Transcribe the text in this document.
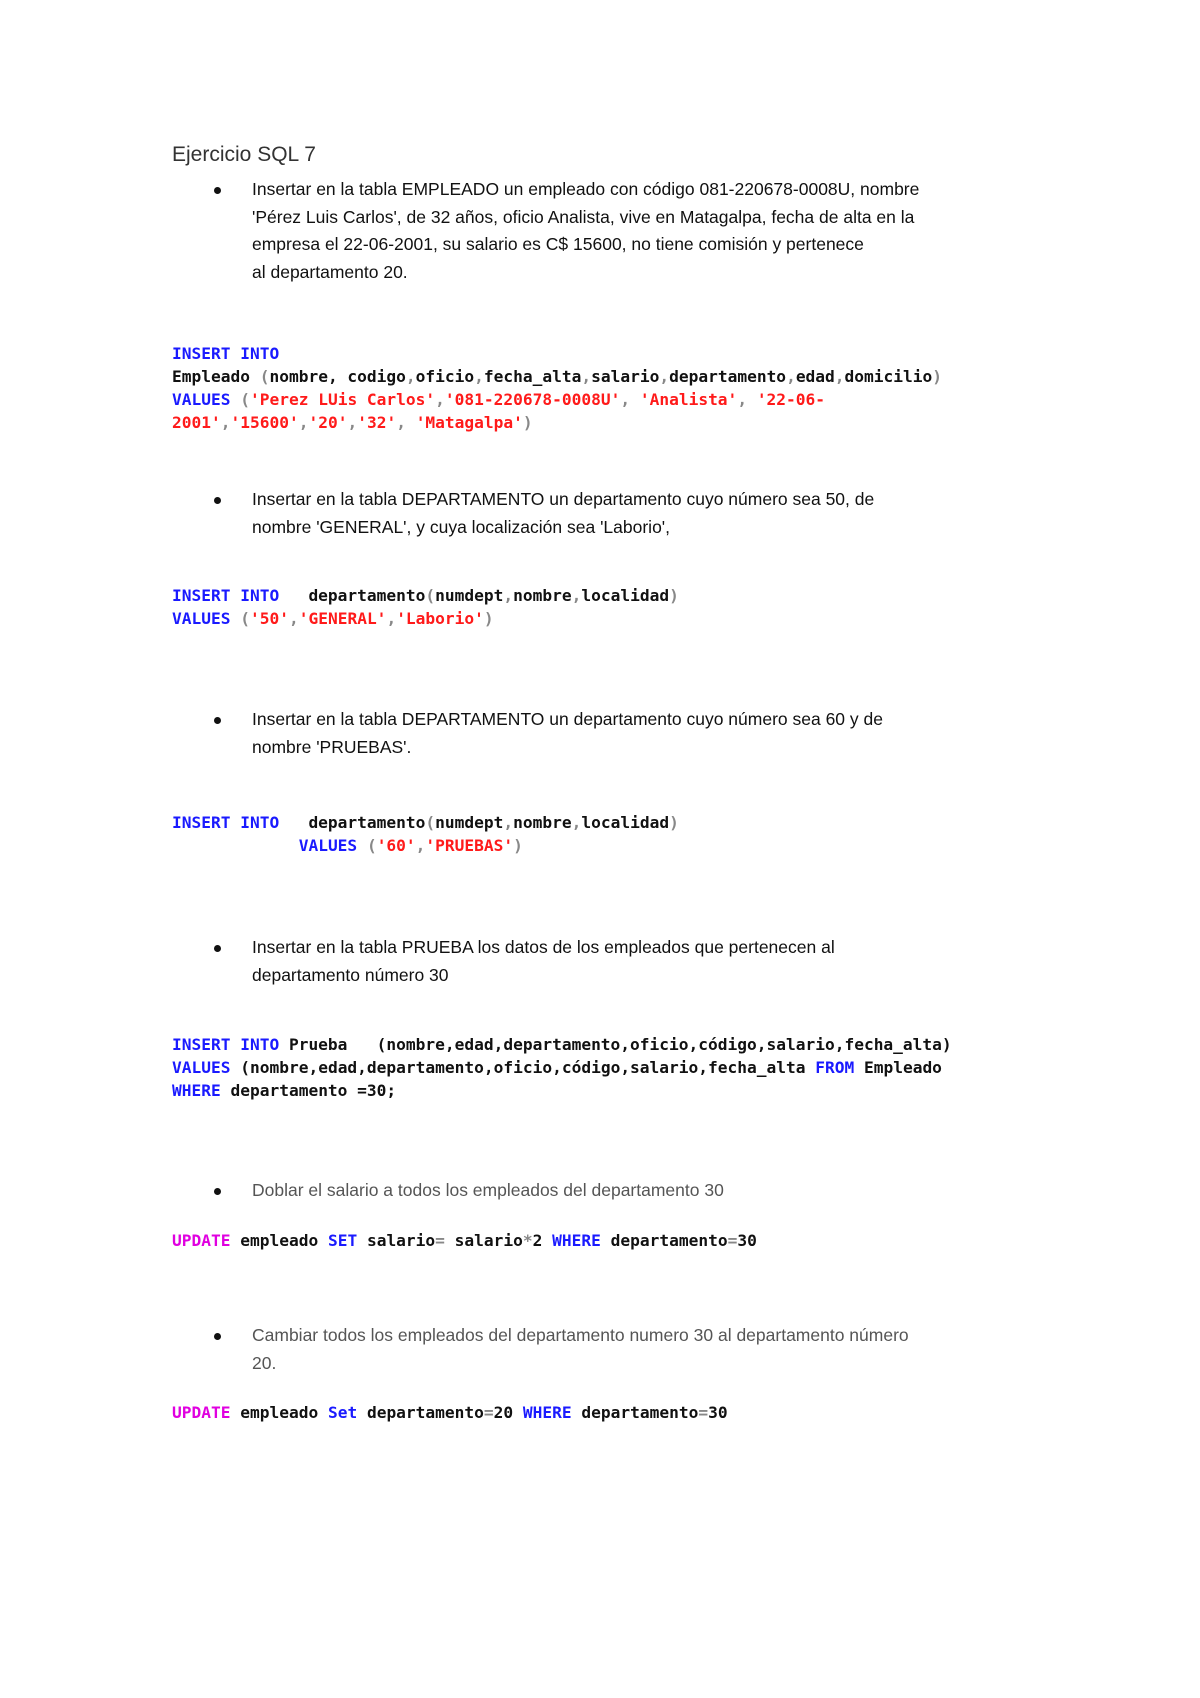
Ejercicio SQL 7
Insertar en la tabla EMPLEADO un empleado con código 081-220678-0008U, nombre
'Pérez Luis Carlos', de 32 años, oficio Analista, vive en Matagalpa, fecha de alta en la
empresa el 22-06-2001, su salario es C$ 15600, no tiene comisión y pertenece
al departamento 20.
INSERT INTO
Empleado (nombre, codigo,oficio,fecha_alta,salario,departamento,edad,domicilio)
VALUES ('Perez LUis Carlos','081-220678-0008U', 'Analista', '22-06-
2001','15600','20','32', 'Matagalpa')
Insertar en la tabla DEPARTAMENTO un departamento cuyo número sea 50, de
nombre 'GENERAL', y cuya localización sea 'Laborio',
INSERT INTO   departamento(numdept,nombre,localidad)
VALUES ('50','GENERAL','Laborio')
Insertar en la tabla DEPARTAMENTO un departamento cuyo número sea 60 y de
nombre 'PRUEBAS'.
INSERT INTO   departamento(numdept,nombre,localidad)
VALUES ('60','PRUEBAS')
Insertar en la tabla PRUEBA los datos de los empleados que pertenecen al
departamento número 30
INSERT INTO Prueba   (nombre,edad,departamento,oficio,código,salario,fecha_alta)
VALUES (nombre,edad,departamento,oficio,código,salario,fecha_alta FROM Empleado
WHERE departamento =30;
Doblar el salario a todos los empleados del departamento 30
UPDATE empleado SET salario= salario*2 WHERE departamento=30
Cambiar todos los empleados del departamento numero 30 al departamento número
20.
UPDATE empleado Set departamento=20 WHERE departamento=30
